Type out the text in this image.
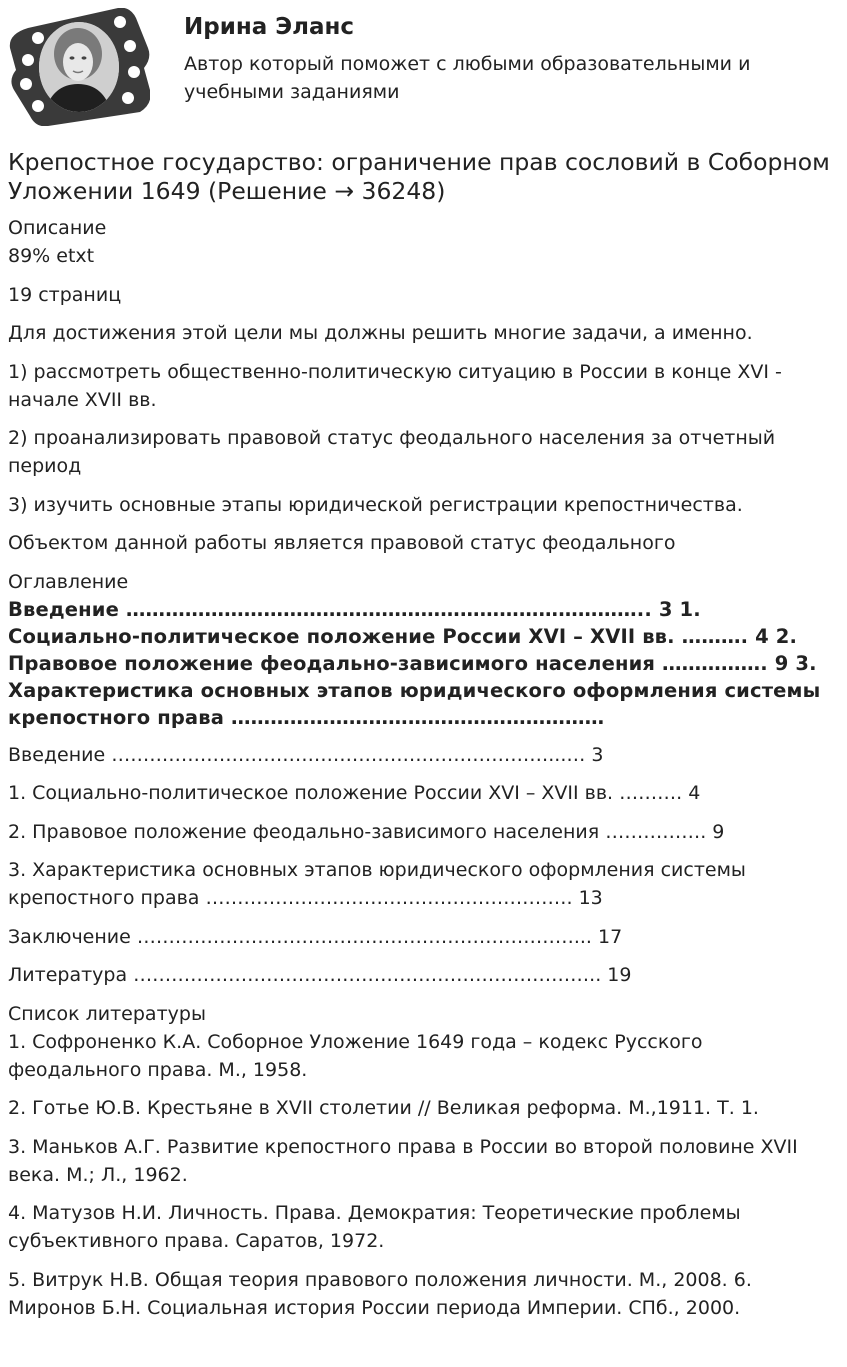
Ирина Эланс
Автор который поможет с любыми образовательными и учебными заданиями
Крепостное государство: ограничение прав сословий в Соборном Уложении 1649 (Решение → 36248)
Описание
89% etxt
19 страниц
Для достижения этой цели мы должны решить многие задачи, а именно.
1) рассмотреть общественно-политическую ситуацию в России в конце XVI - начале XVII вв.
2) проанализировать правовой статус феодального населения за отчетный период
3) изучить основные этапы юридической регистрации крепостничества.
Объектом данной работы является правовой статус феодального
Оглавление
Введение …………………………………………………………………….. 3 1. Социально-политическое положение России XVI – XVII вв. ………. 4 2. Правовое положение феодально-зависимого населения ……………. 9 3. Характеристика основных этапов юридического оформления системы крепостного права …………………………………………………
Введение ……………………………………………………………...… 3
1. Социально-политическое положение России XVI – XVII вв. ………. 4
2. Правовое положение феодально-зависимого населения ……………. 9
3. Характеристика основных этапов юридического оформления системы крепостного права …………………………………………………. 13
Заключение ……………………………………………………………... 17
Литература ……………………………………………………………….. 19
Список литературы
1. Софроненко К.А. Соборное Уложение 1649 года – кодекс Русского феодального права. М., 1958.
2. Готье Ю.В. Крестьяне в XVII столетии // Великая реформа. М.,1911. Т. 1.
3. Маньков А.Г. Развитие крепостного права в России во второй половине XVII века. М.; Л., 1962.
4. Матузов Н.И. Личность. Права. Демократия: Теоретические проблемы субъективного права. Саратов, 1972.
5. Витрук Н.В. Общая теория правового положения личности. М., 2008. 6. Миронов Б.Н. Социальная история России периода Империи. СПб., 2000.
